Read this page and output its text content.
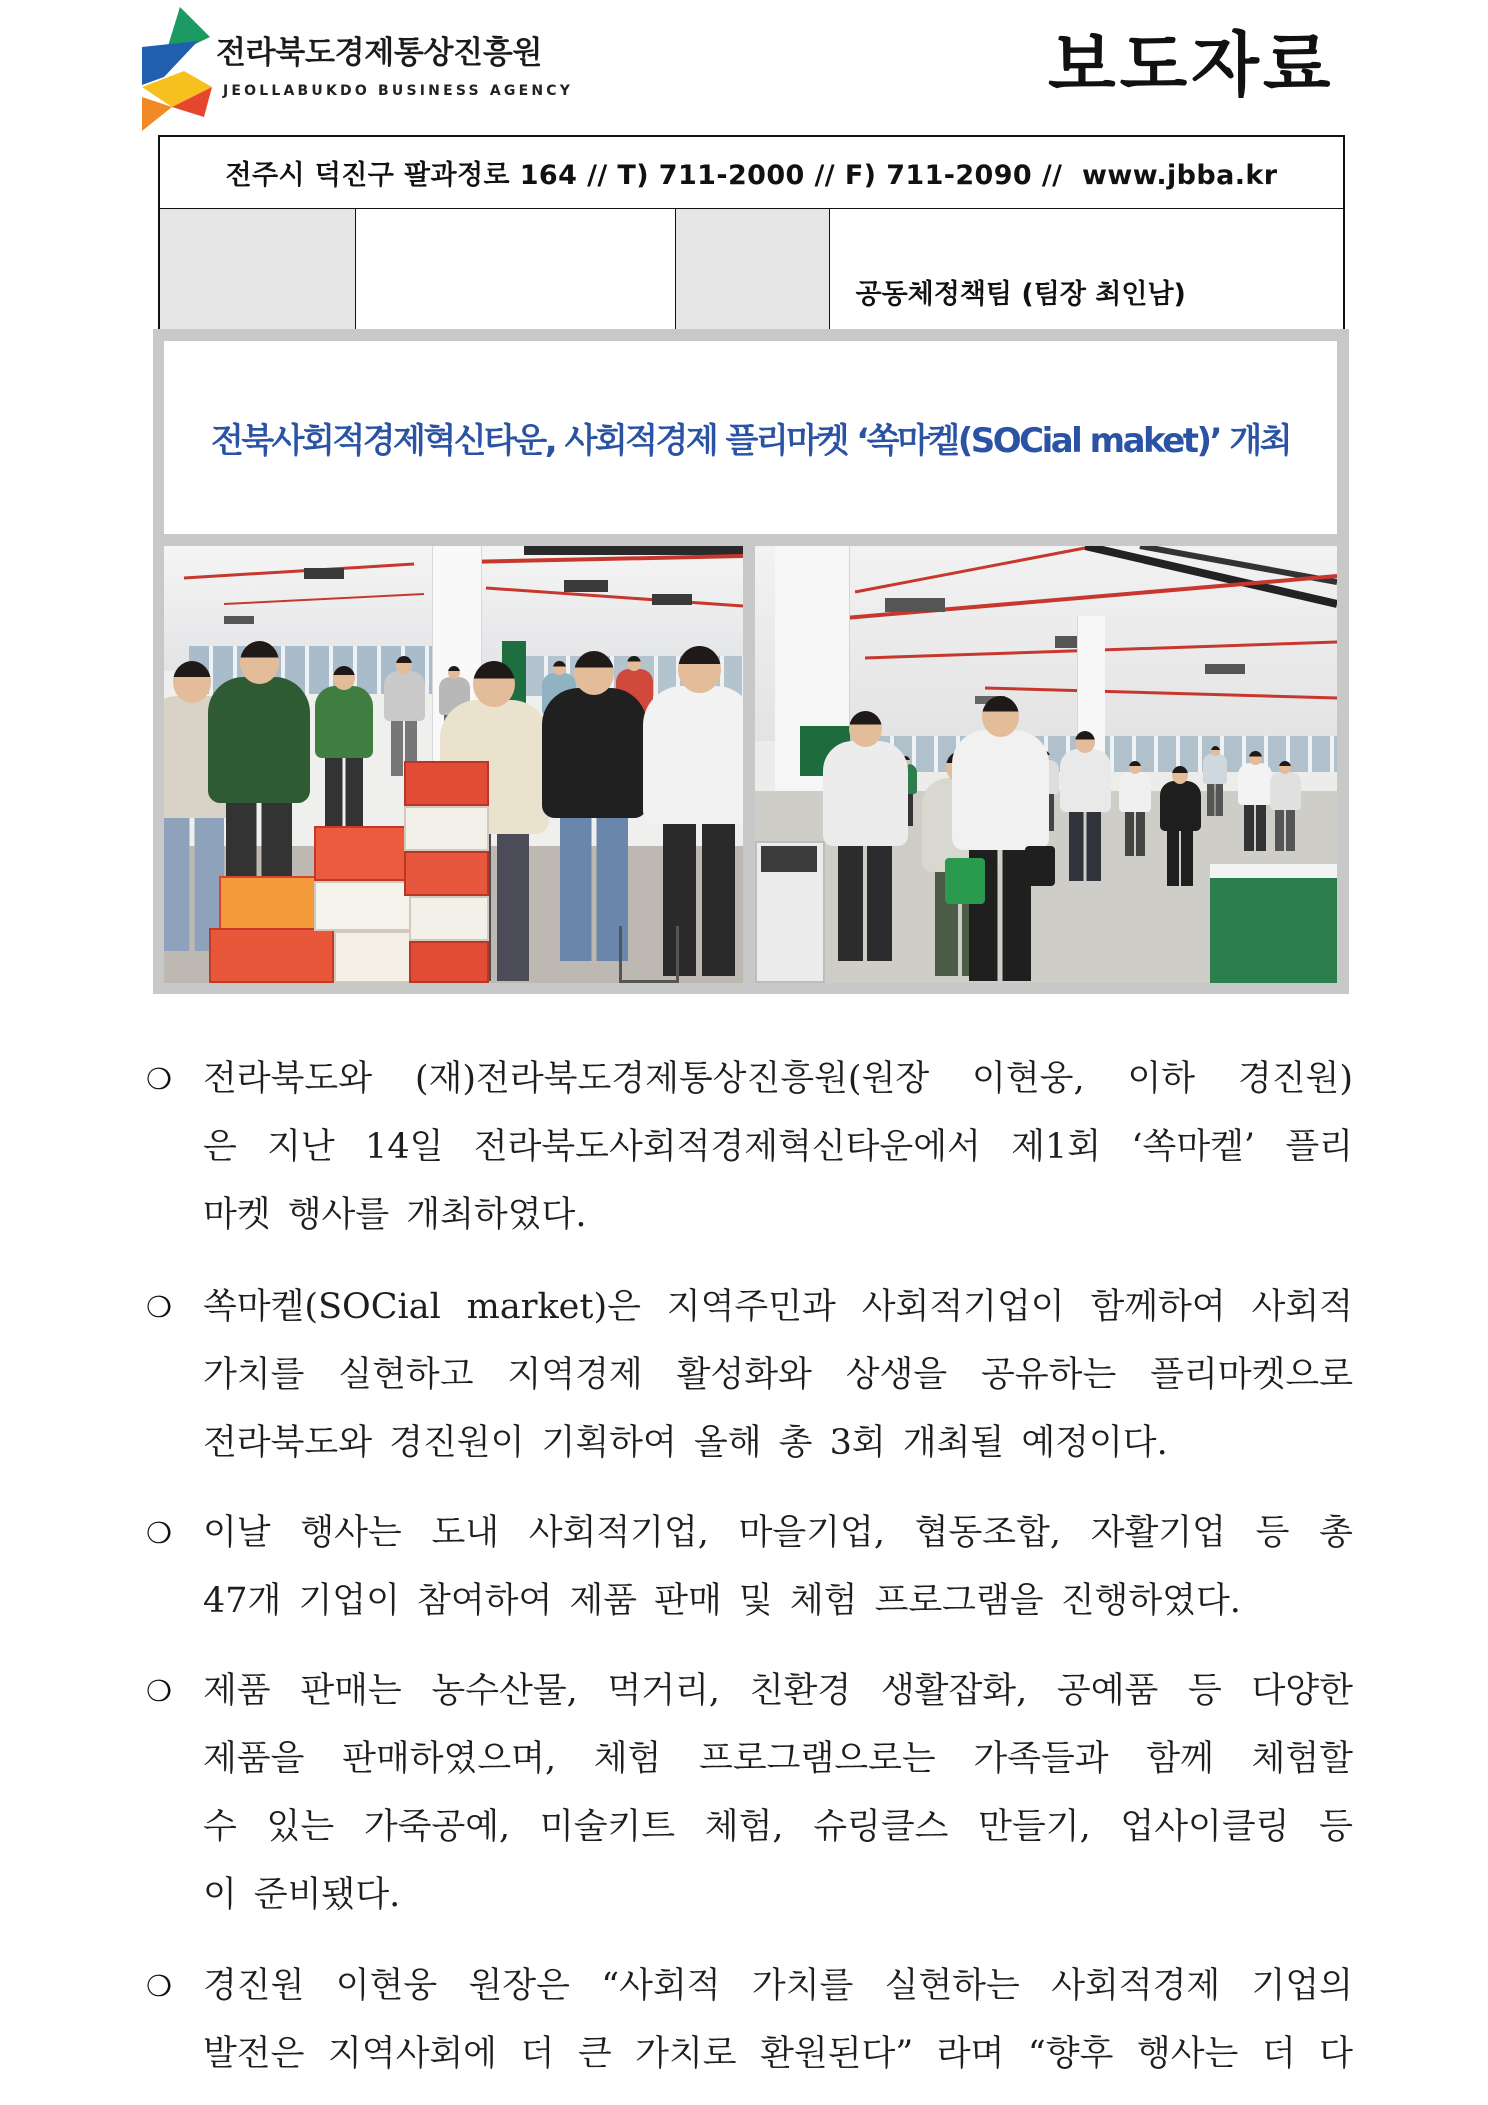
전라북도경제통상진흥원
JEOLLABUKDO BUSINESS AGENCY	보도자료
전주시 덕진구 팔과정로 164 // T) 711-2000 // F) 711-2090 //  www.jbba.kr

공동체정책팀 (팀장 최인남)

전북사회적경제혁신타운, 사회적경제 플리마켓 ‘쏙마켙(SOCial maket)’ 개최
❍ 전라북도와 (재)전라북도경제통상진흥원(원장 이현웅, 이하 경진원)
은 지난 14일 전라북도사회적경제혁신타운에서 제1회 ‘쏙마켙’ 플리
마켓 행사를 개최하였다.
❍ 쏙마켙(SOCial market)은 지역주민과 사회적기업이 함께하여 사회적
가치를 실현하고 지역경제 활성화와 상생을 공유하는 플리마켓으로
전라북도와 경진원이 기획하여 올해 총 3회 개최될 예정이다.
❍ 이날 행사는 도내 사회적기업, 마을기업, 협동조합, 자활기업 등 총
47개 기업이 참여하여 제품 판매 및 체험 프로그램을 진행하였다.
❍ 제품 판매는 농수산물, 먹거리, 친환경 생활잡화, 공예품 등 다양한
제품을 판매하였으며, 체험 프로그램으로는 가족들과 함께 체험할
수 있는 가죽공예, 미술키트 체험, 슈링클스 만들기, 업사이클링 등
이 준비됐다.
❍ 경진원 이현웅 원장은 “사회적 가치를 실현하는 사회적경제 기업의
발전은 지역사회에 더 큰 가치로 환원된다” 라며 “향후 행사는 더 다
